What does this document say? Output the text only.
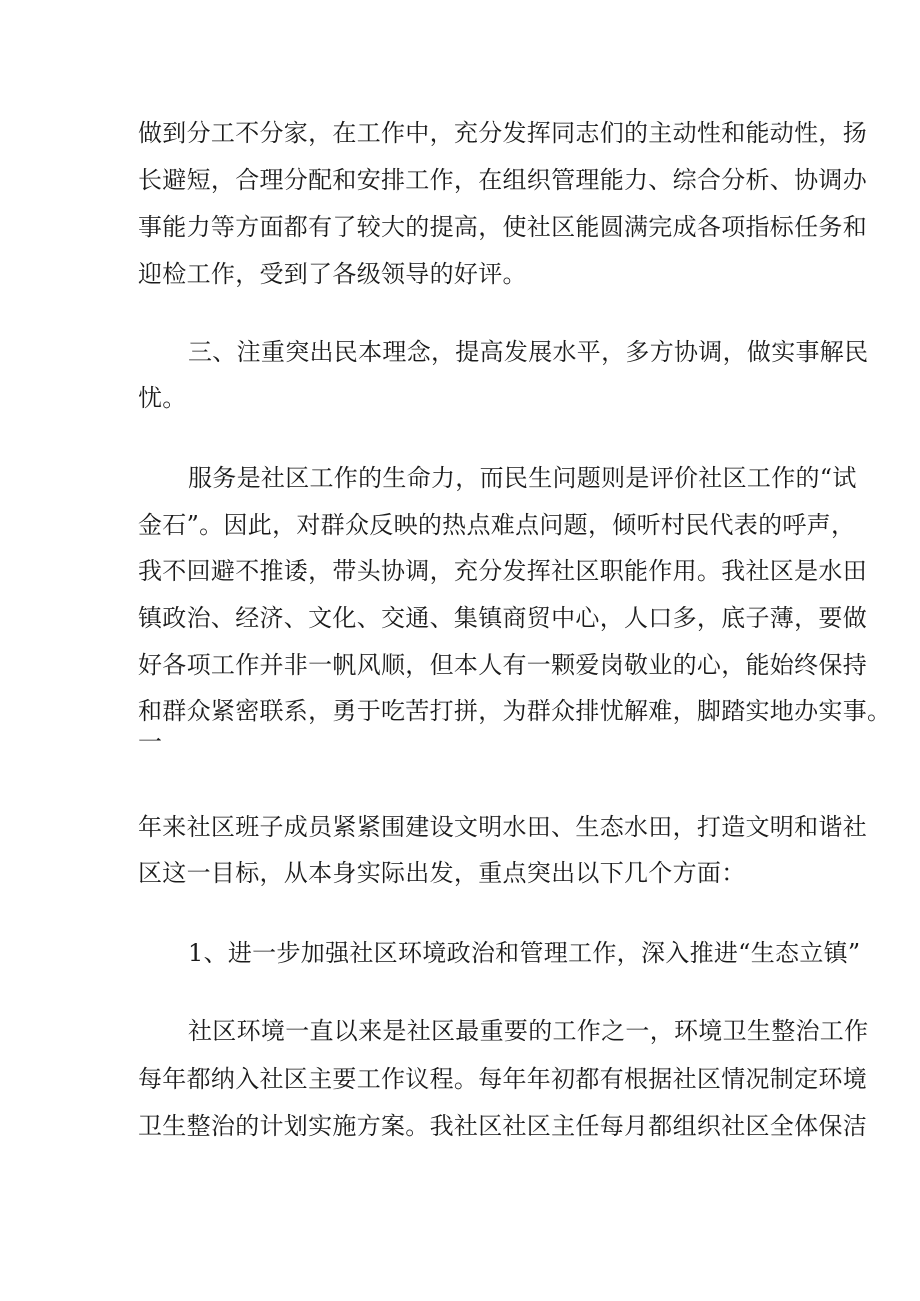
做到分工不分家，在工作中，充分发挥同志们的主动性和能动性，扬
长避短，合理分配和安排工作，在组织管理能力、综合分析、协调办
事能力等方面都有了较大的提高，使社区能圆满完成各项指标任务和
迎检工作，受到了各级领导的好评。
三、注重突出民本理念，提高发展水平，多方协调，做实事解民
忧。
服务是社区工作的生命力，而民生问题则是评价社区工作的“试
金石”。因此，对群众反映的热点难点问题，倾听村民代表的呼声，
我不回避不推诿，带头协调，充分发挥社区职能作用。我社区是水田
镇政治、经济、文化、交通、集镇商贸中心，人口多，底子薄，要做
好各项工作并非一帆风顺，但本人有一颗爱岗敬业的心，能始终保持
和群众紧密联系，勇于吃苦打拼，为群众排忧解难，脚踏实地办实事。
一
年来社区班子成员紧紧围建设文明水田、生态水田，打造文明和谐社
区这一目标，从本身实际出发，重点突出以下几个方面：
1、进一步加强社区环境政治和管理工作，深入推进“生态立镇”
社区环境一直以来是社区最重要的工作之一，环境卫生整治工作
每年都纳入社区主要工作议程。每年年初都有根据社区情况制定环境
卫生整治的计划实施方案。我社区社区主任每月都组织社区全体保洁
